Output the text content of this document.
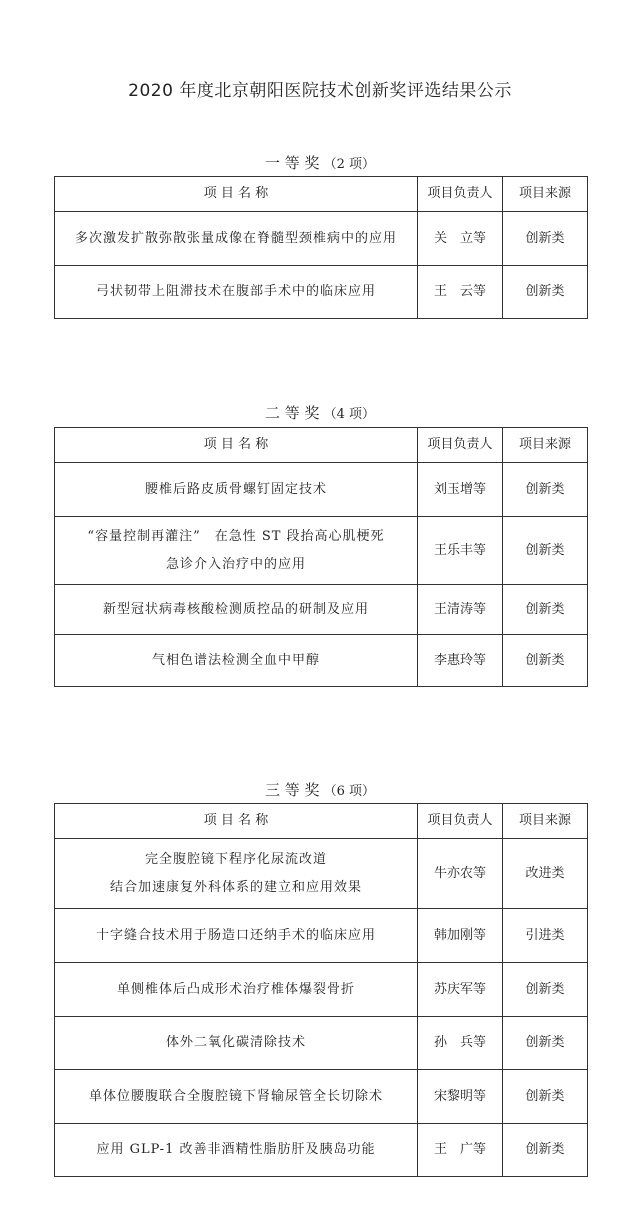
2020 年度北京朝阳医院技术创新奖评选结果公示
一 等 奖 （2 项）
项 目 名 称	项目负责人	项目来源
多次激发扩散弥散张量成像在脊髓型颈椎病中的应用	关　立等	创新类
弓状韧带上阻滞技术在腹部手术中的临床应用	王　云等	创新类
二 等 奖 （4 项）
项 目 名 称	项目负责人	项目来源
腰椎后路皮质骨螺钉固定技术	刘玉增等	创新类

“容量控制再灌注”　在急性 ST 段抬高心肌梗死
急诊介入治疗中的应用	王乐丰等	创新类
新型冠状病毒核酸检测质控品的研制及应用	王清涛等	创新类
气相色谱法检测全血中甲醇	李惠玲等	创新类
三 等 奖 （6 项）
项 目 名 称	项目负责人	项目来源

完全腹腔镜下程序化尿流改道
结合加速康复外科体系的建立和应用效果	牛亦农等	改进类
十字缝合技术用于肠造口还纳手术的临床应用	韩加刚等	引进类
单侧椎体后凸成形术治疗椎体爆裂骨折	苏庆军等	创新类
体外二氧化碳清除技术	孙　兵等	创新类
单体位腰腹联合全腹腔镜下肾输尿管全长切除术	宋黎明等	创新类
应用 GLP-1 改善非酒精性脂肪肝及胰岛功能	王　广等	创新类
